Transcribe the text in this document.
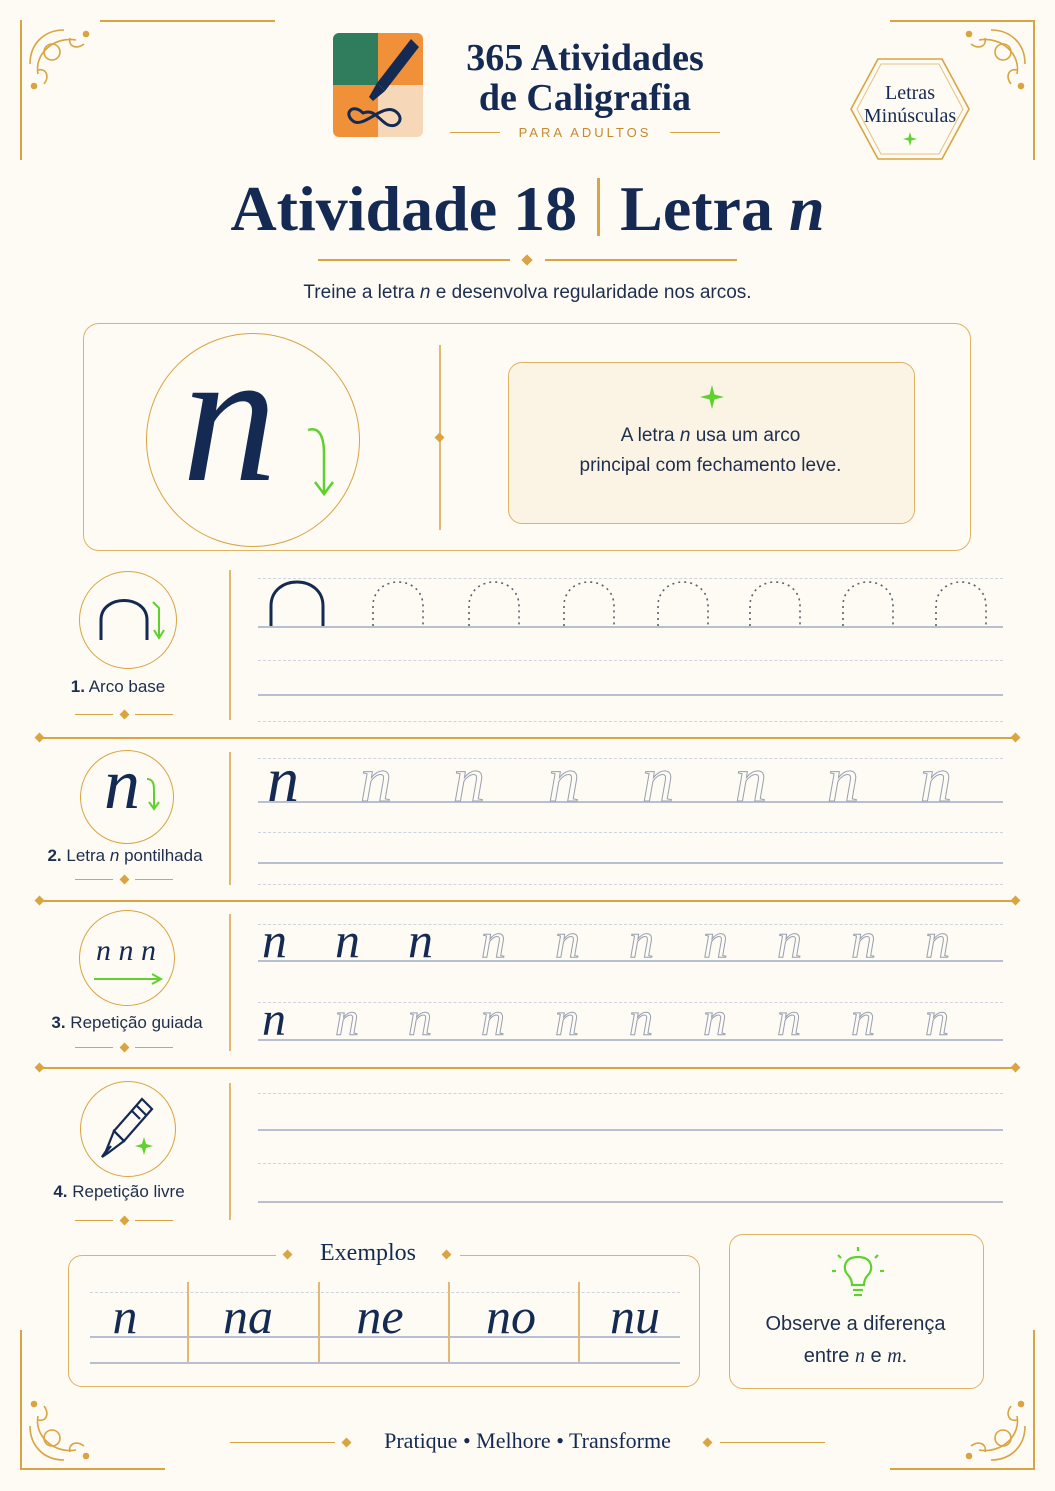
365 Atividades
de Caligrafia
PARA ADULTOS
Letras
Minúsculas
Atividade 18 Letra n
Treine a letra n e desenvolva regularidade nos arcos.
n	A letra n usa um arco
principal com fechamento leve.
1. Arco base
n
2. Letra n pontilhada
n n n n n n n n
n n n
3. Repetição guiada
n n n n n n n n n n
n n n n n n n n n n
4. Repetição livre
Exemplos
n	na	ne	no	nu	Observe a diferença
entre n e m.
Pratique • Melhore • Transforme
